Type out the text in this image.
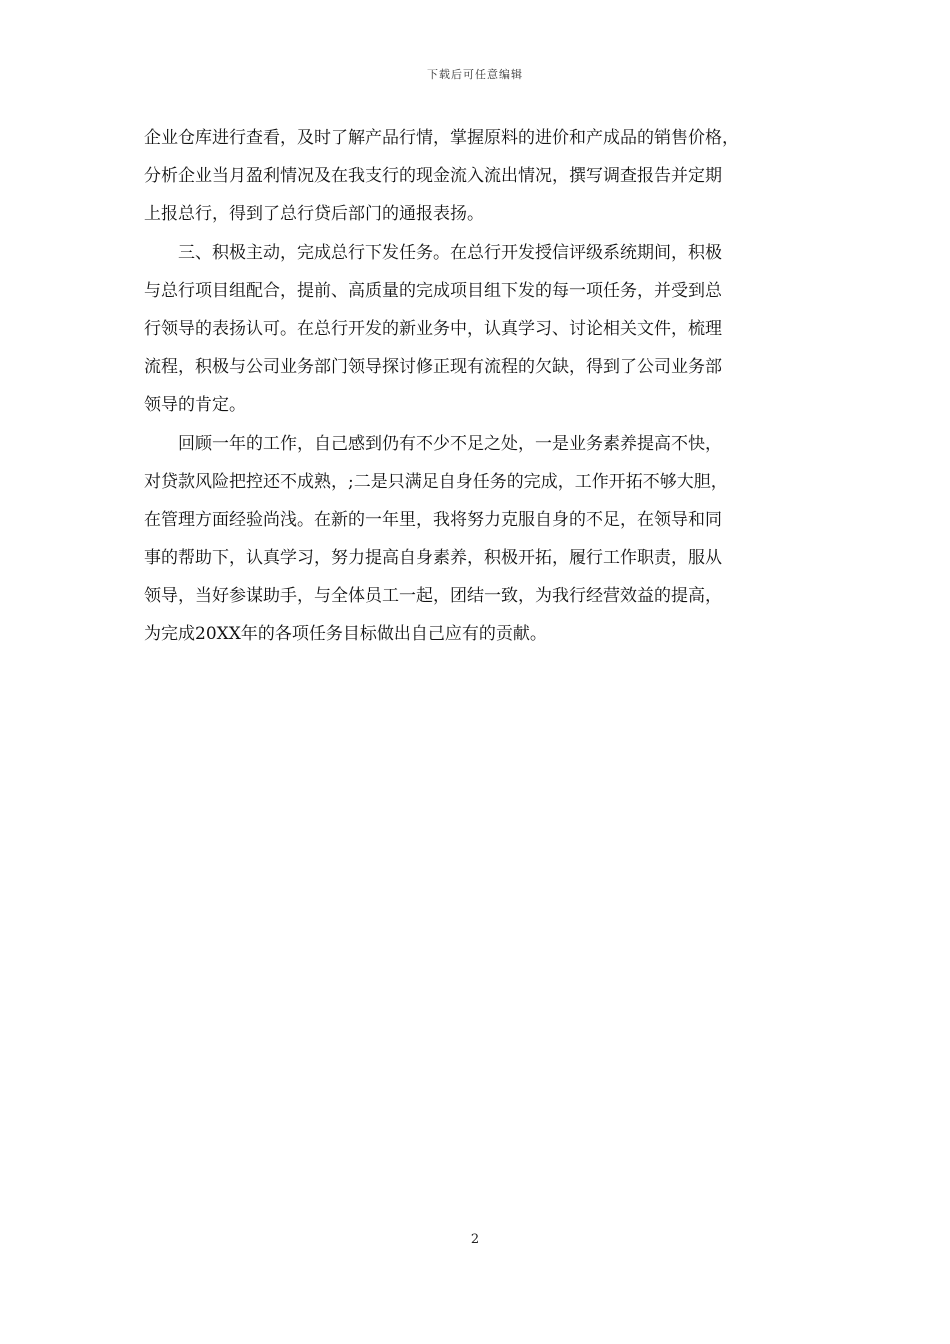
下载后可任意编辑
企业仓库进行查看，及时了解产品行情，掌握原料的进价和产成品的销售价格，
分析企业当月盈利情况及在我支行的现金流入流出情况，撰写调查报告并定期
上报总行，得到了总行贷后部门的通报表扬。
　　三、积极主动，完成总行下发任务。在总行开发授信评级系统期间，积极
与总行项目组配合，提前、高质量的完成项目组下发的每一项任务，并受到总
行领导的表扬认可。在总行开发的新业务中，认真学习、讨论相关文件，梳理
流程，积极与公司业务部门领导探讨修正现有流程的欠缺，得到了公司业务部
领导的肯定。
　　回顾一年的工作，自己感到仍有不少不足之处，一是业务素养提高不快，
对贷款风险把控还不成熟，;二是只满足自身任务的完成，工作开拓不够大胆，
在管理方面经验尚浅。在新的一年里，我将努力克服自身的不足，在领导和同
事的帮助下，认真学习，努力提高自身素养，积极开拓，履行工作职责，服从
领导，当好参谋助手，与全体员工一起，团结一致，为我行经营效益的提高，
为完成20XX年的各项任务目标做出自己应有的贡献。
2
